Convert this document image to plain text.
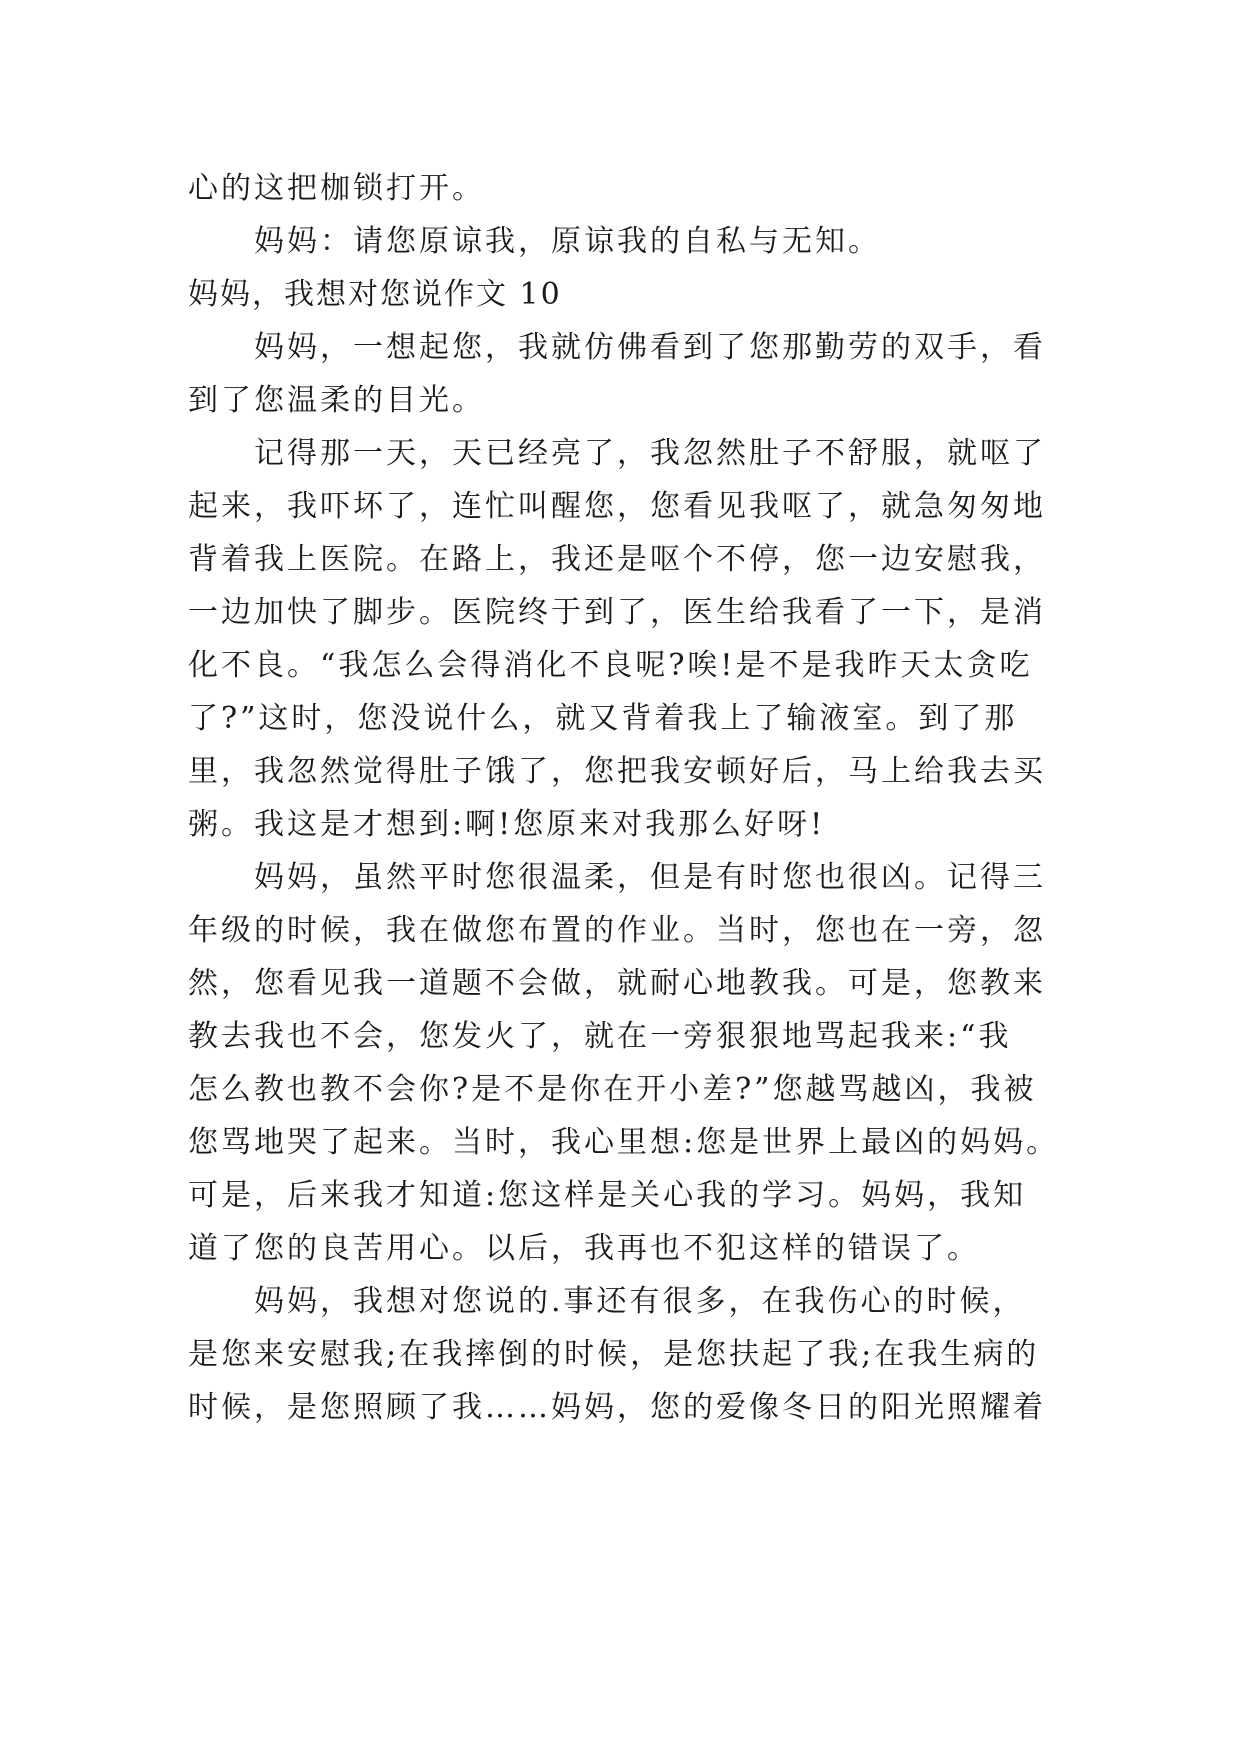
心的这把枷锁打开。
妈妈：请您原谅我，原谅我的自私与无知。
妈妈，我想对您说作文 10
妈妈，一想起您，我就仿佛看到了您那勤劳的双手，看
到了您温柔的目光。
记得那一天，天已经亮了，我忽然肚子不舒服，就呕了
起来，我吓坏了，连忙叫醒您，您看见我呕了，就急匆匆地
背着我上医院。在路上，我还是呕个不停，您一边安慰我，
一边加快了脚步。医院终于到了，医生给我看了一下，是消
化不良。“我怎么会得消化不良呢?唉!是不是我昨天太贪吃
了?”这时，您没说什么，就又背着我上了输液室。到了那
里，我忽然觉得肚子饿了，您把我安顿好后，马上给我去买
粥。我这是才想到:啊!您原来对我那么好呀!
妈妈，虽然平时您很温柔，但是有时您也很凶。记得三
年级的时候，我在做您布置的作业。当时，您也在一旁，忽
然，您看见我一道题不会做，就耐心地教我。可是，您教来
教去我也不会，您发火了，就在一旁狠狠地骂起我来:“我
怎么教也教不会你?是不是你在开小差?”您越骂越凶，我被
您骂地哭了起来。当时，我心里想:您是世界上最凶的妈妈。
可是，后来我才知道:您这样是关心我的学习。妈妈，我知
道了您的良苦用心。以后，我再也不犯这样的错误了。
妈妈，我想对您说的.事还有很多，在我伤心的时候，
是您来安慰我;在我摔倒的时候，是您扶起了我;在我生病的
时候，是您照顾了我……妈妈，您的爱像冬日的阳光照耀着
